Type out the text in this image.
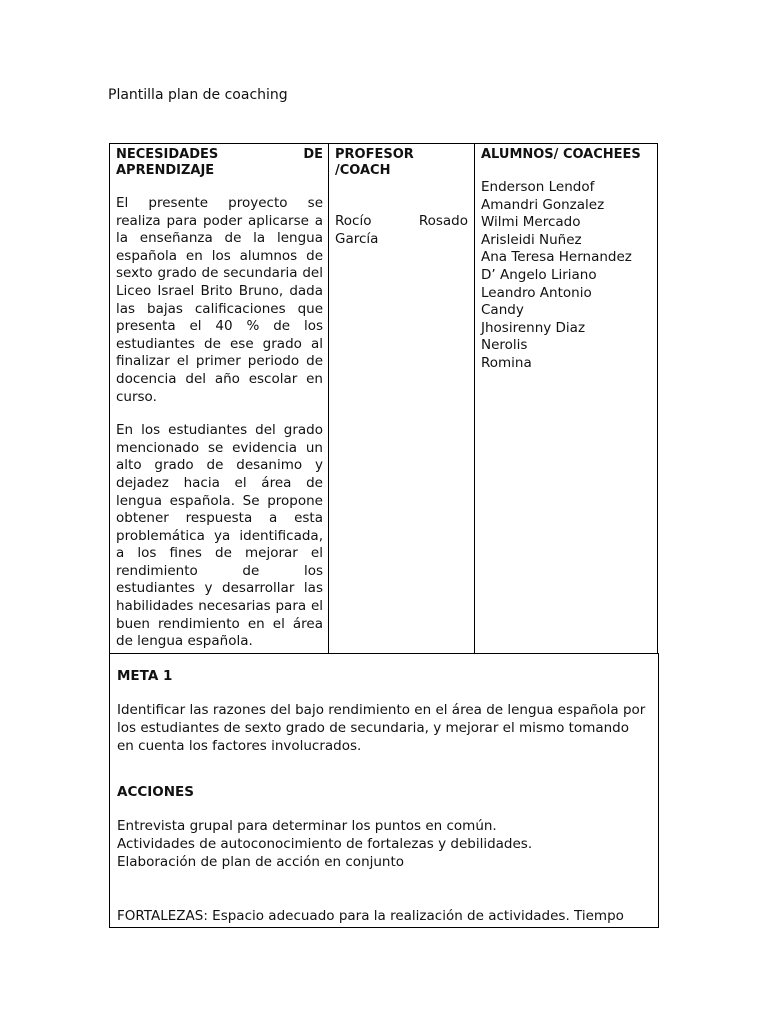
Plantilla plan de coaching
NECESIDADES DE APRENDIZAJE

El presente proyecto se realiza para poder aplicarse a la enseñanza de la lengua española en los alumnos de sexto grado de secundaria del Liceo Israel Brito Bruno, dada las bajas calificaciones que presenta el 40 % de los estudiantes de ese grado al finalizar el primer periodo de docencia del año escolar en curso.

En los estudiantes del grado mencionado se evidencia un alto grado de desanimo y dejadez hacia el área de lengua española. Se propone obtener respuesta a esta problemática ya identificada, a los fines de mejorar el rendimiento de los estudiantes y desarrollar las habilidades necesarias para el buen rendimiento en el área de lengua española.

PROFESOR /COACH
Rocío	Rosado
García
ALUMNOS/ COACHEES
Enderson Lendof
Amandri Gonzalez
Wilmi Mercado
Arisleidi Nuñez
Ana Teresa Hernandez
D’ Angelo Liriano
Leandro Antonio
Candy
Jhosirenny Diaz
Nerolis
Romina

META 1

Identificar las razones del bajo rendimiento en el área de lengua española por
los estudiantes de sexto grado de secundaria, y mejorar el mismo tomando
en cuenta los factores involucrados.

ACCIONES

Entrevista grupal para determinar los puntos en común.
Actividades de autoconocimiento de fortalezas y debilidades.
Elaboración de plan de acción en conjunto
FORTALEZAS: Espacio adecuado para la realización de actividades. Tiempo
